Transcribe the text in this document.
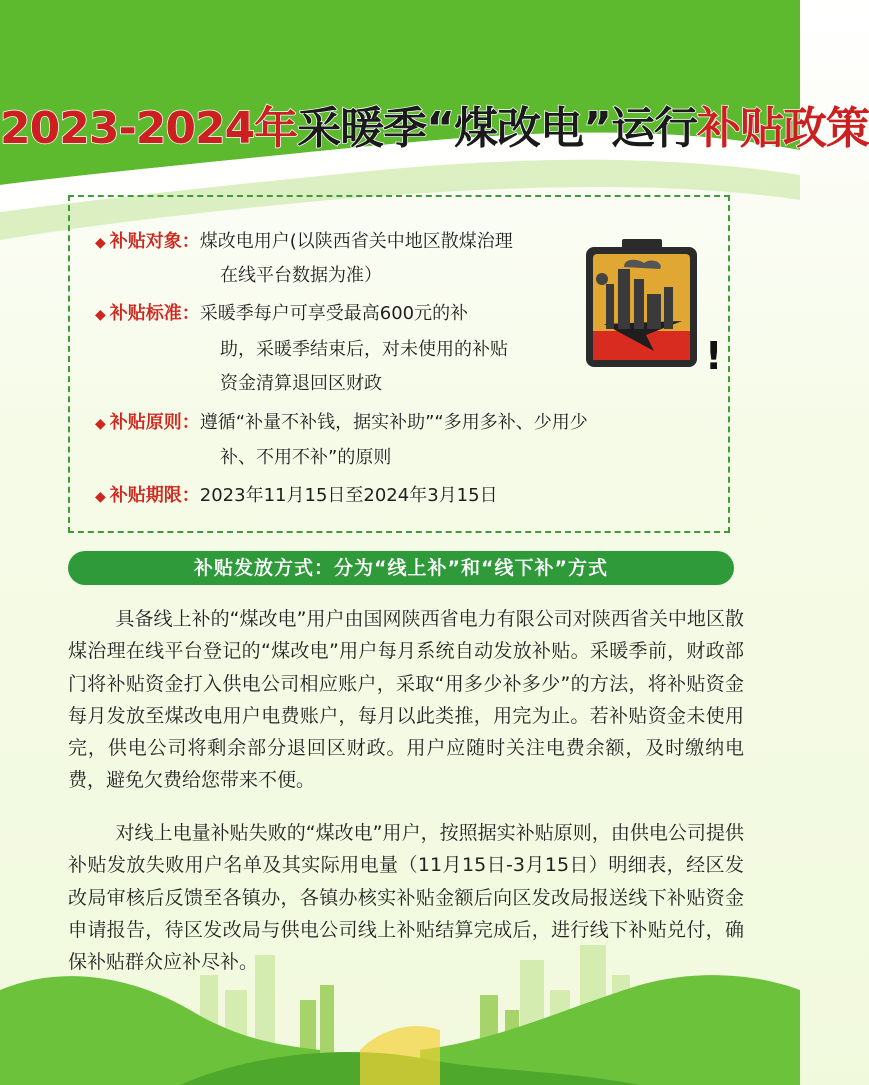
2023-2024年采暖季“煤改电”运行补贴政策
◆ 补贴对象：煤改电用户(以陕西省关中地区散煤治理
在线平台数据为准）
◆ 补贴标准：采暖季每户可享受最高600元的补
助，采暖季结束后，对未使用的补贴
资金清算退回区财政
◆ 补贴原则：遵循“补量不补钱，据实补助”“多用多补、少用少
补、不用不补”的原则
◆ 补贴期限：2023年11月15日至2024年3月15日
!
补贴发放方式：分为“线上补”和“线下补”方式
具备线上补的“煤改电”用户由国网陕西省电力有限公司对陕西省关中地区散煤治理在线平台登记的“煤改电”用户每月系统自动发放补贴。采暖季前，财政部门将补贴资金打入供电公司相应账户，采取“用多少补多少”的方法，将补贴资金每月发放至煤改电用户电费账户，每月以此类推，用完为止。若补贴资金未使用完，供电公司将剩余部分退回区财政。用户应随时关注电费余额，及时缴纳电费，避免欠费给您带来不便。
对线上电量补贴失败的“煤改电”用户，按照据实补贴原则，由供电公司提供补贴发放失败用户名单及其实际用电量（11月15日-3月15日）明细表，经区发改局审核后反馈至各镇办，各镇办核实补贴金额后向区发改局报送线下补贴资金申请报告，待区发改局与供电公司线上补贴结算完成后，进行线下补贴兑付，确保补贴群众应补尽补。
